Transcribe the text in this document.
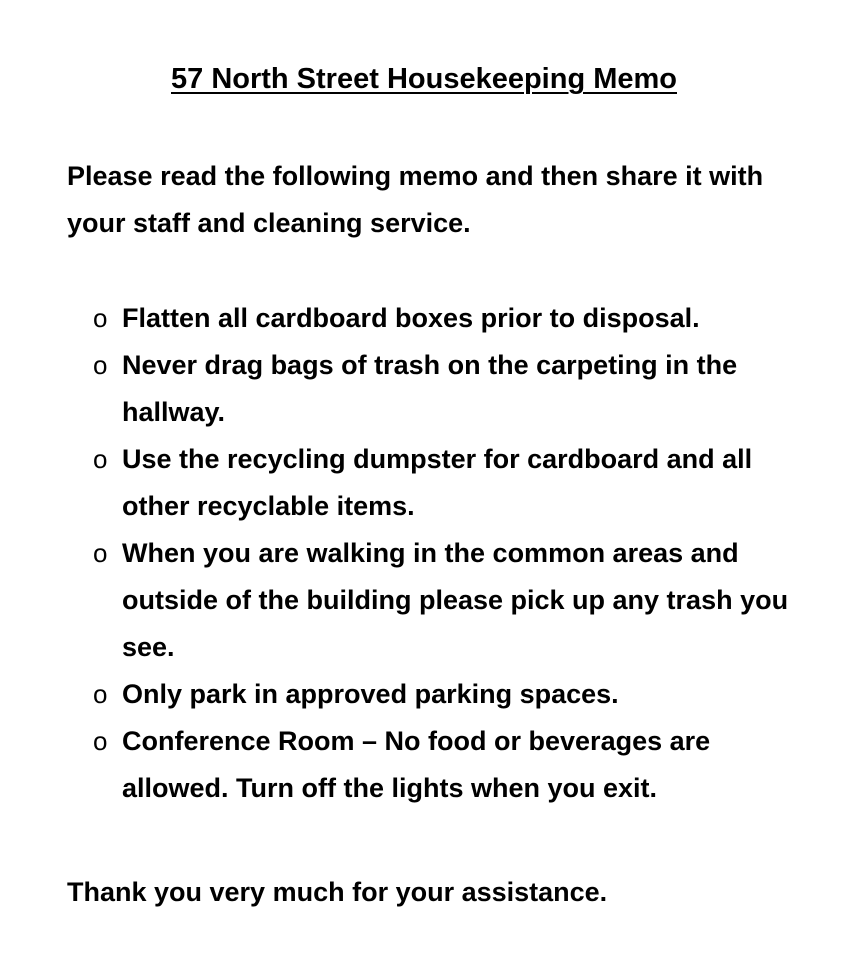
57 North Street Housekeeping Memo

Please read the following memo and then share it with your staff and cleaning service.

o Flatten all cardboard boxes prior to disposal.
o Never drag bags of trash on the carpeting in the hallway.
o Use the recycling dumpster for cardboard and all other recyclable items.
o When you are walking in the common areas and outside of the building please pick up any trash you see.
o Only park in approved parking spaces.
o Conference Room – No food or beverages are allowed. Turn off the lights when you exit.

Thank you very much for your assistance.
